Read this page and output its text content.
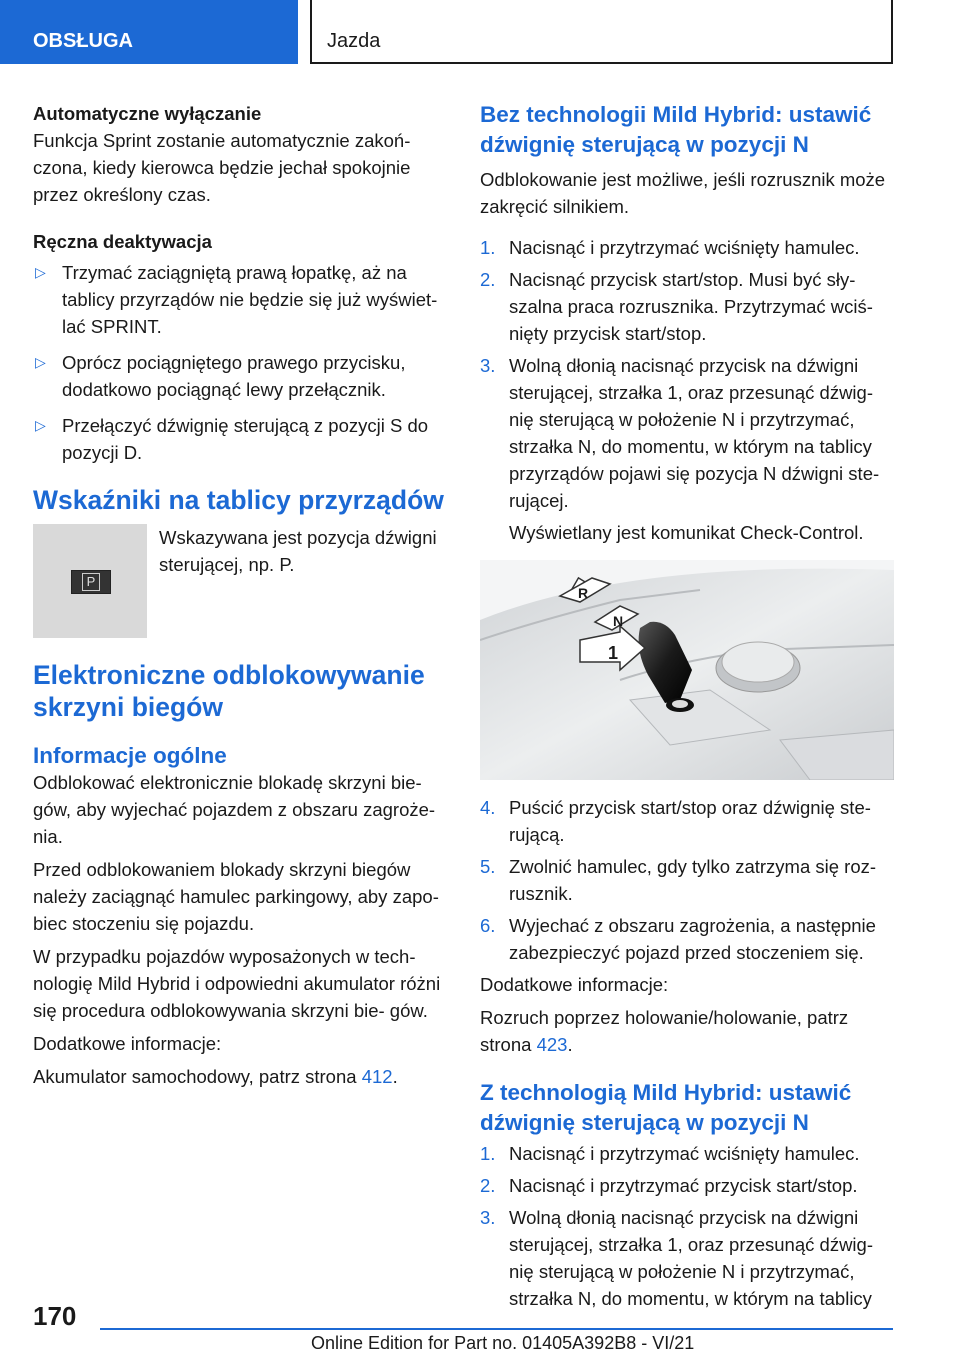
OBSŁUGA	Jazda

Automatyczne wyłączanie

Funkcja Sprint zostanie automatycznie zakoń‐ czona, kiedy kierowca będzie jechał spokojnie przez określony czas.

Ręczna deaktywacja

▷ Trzymać zaciągniętą prawą łopatkę, aż na tablicy przyrządów nie będzie się już wyświet‐ lać SPRINT.
▷ Oprócz pociągniętego prawego przycisku, dodatkowo pociągnąć lewy przełącznik.
▷ Przełączyć dźwignię sterującą z pozycji S do pozycji D.

Wskaźniki na tablicy przyrządów

P

Wskazywana jest pozycja dźwigni sterującej, np. P.

Elektroniczne odblokowywanie skrzyni biegów

Informacje ogólne

Odblokować elektronicznie blokadę skrzyni bie‐ gów, aby wyjechać pojazdem z obszaru zagroże‐ nia.

Przed odblokowaniem blokady skrzyni biegów należy zaciągnąć hamulec parkingowy, aby zapo‐ biec stoczeniu się pojazdu.

W przypadku pojazdów wyposażonych w tech‐ nologię Mild Hybrid i odpowiedni akumulator różni się procedura odblokowywania skrzyni bie‐ gów.

Dodatkowe informacje:

Akumulator samochodowy, patrz strona 412.

Bez technologii Mild Hybrid: ustawić dźwignię sterującą w pozycji N

Odblokowanie jest możliwe, jeśli rozrusznik może zakręcić silnikiem.

1. Nacisnąć i przytrzymać wciśnięty hamulec.
2. Nacisnąć przycisk start/stop. Musi być sły‐ szalna praca rozrusznika. Przytrzymać wciś‐ nięty przycisk start/stop.
3. Wolną dłonią nacisnąć przycisk na dźwigni sterującej, strzałka 1, oraz przesunąć dźwig‐ nię sterującą w położenie N i przytrzymać, strzałka N, do momentu, w którym na tablicy przyrządów pojawi się pozycja N dźwigni ste‐ rującej.

Wyświetlany jest komunikat Check-Control.

R
N
1
4. Puścić przycisk start/stop oraz dźwignię ste‐ rującą.
5. Zwolnić hamulec, gdy tylko zatrzyma się roz‐ rusznik.
6. Wyjechać z obszaru zagrożenia, a następnie zabezpieczyć pojazd przed stoczeniem się.

Dodatkowe informacje:

Rozruch poprzez holowanie/holowanie, patrz strona 423.

Z technologią Mild Hybrid: ustawić dźwignię sterującą w pozycji N

1. Nacisnąć i przytrzymać wciśnięty hamulec.
2. Nacisnąć i przytrzymać przycisk start/stop.
3. Wolną dłonią nacisnąć przycisk na dźwigni sterującej, strzałka 1, oraz przesunąć dźwig‐ nię sterującą w położenie N i przytrzymać, strzałka N, do momentu, w którym na tablicy
170
Online Edition for Part no. 01405A392B8 - VI/21
